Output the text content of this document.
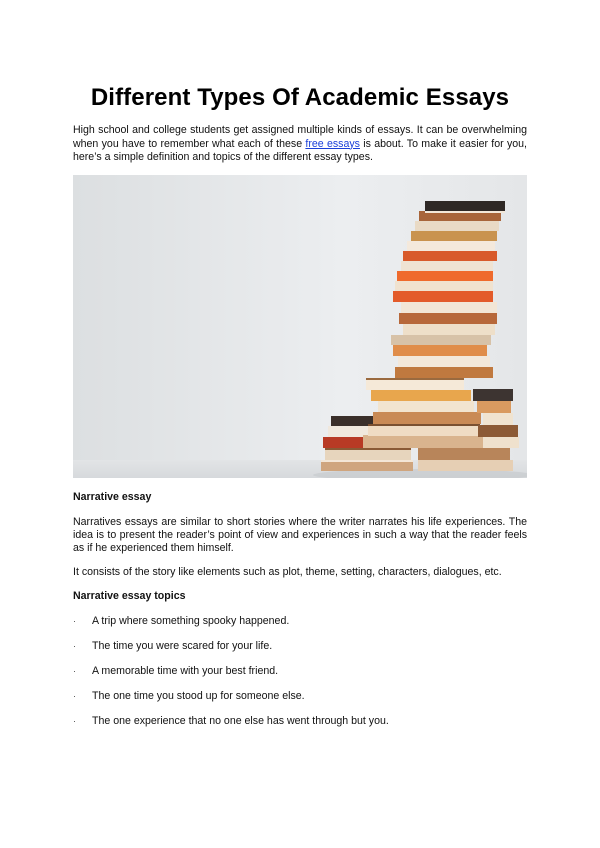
Different Types Of Academic Essays

High school and college students get assigned multiple kinds of essays. It can be overwhelming when you have to remember what each of these free essays is about. To make it easier for you, here’s a simple definition and topics of the different essay types.

Narrative essay

Narratives essays are similar to short stories where the writer narrates his life experiences. The idea is to present the reader’s point of view and experiences in such a way that the reader feels as if he experienced them himself.

It consists of the story like elements such as plot, theme, setting, characters, dialogues, etc.

Narrative essay topics
· A trip where something spooky happened.
· The time you were scared for your life.
· A memorable time with your best friend.
· The one time you stood up for someone else.
· The one experience that no one else has went through but you.
